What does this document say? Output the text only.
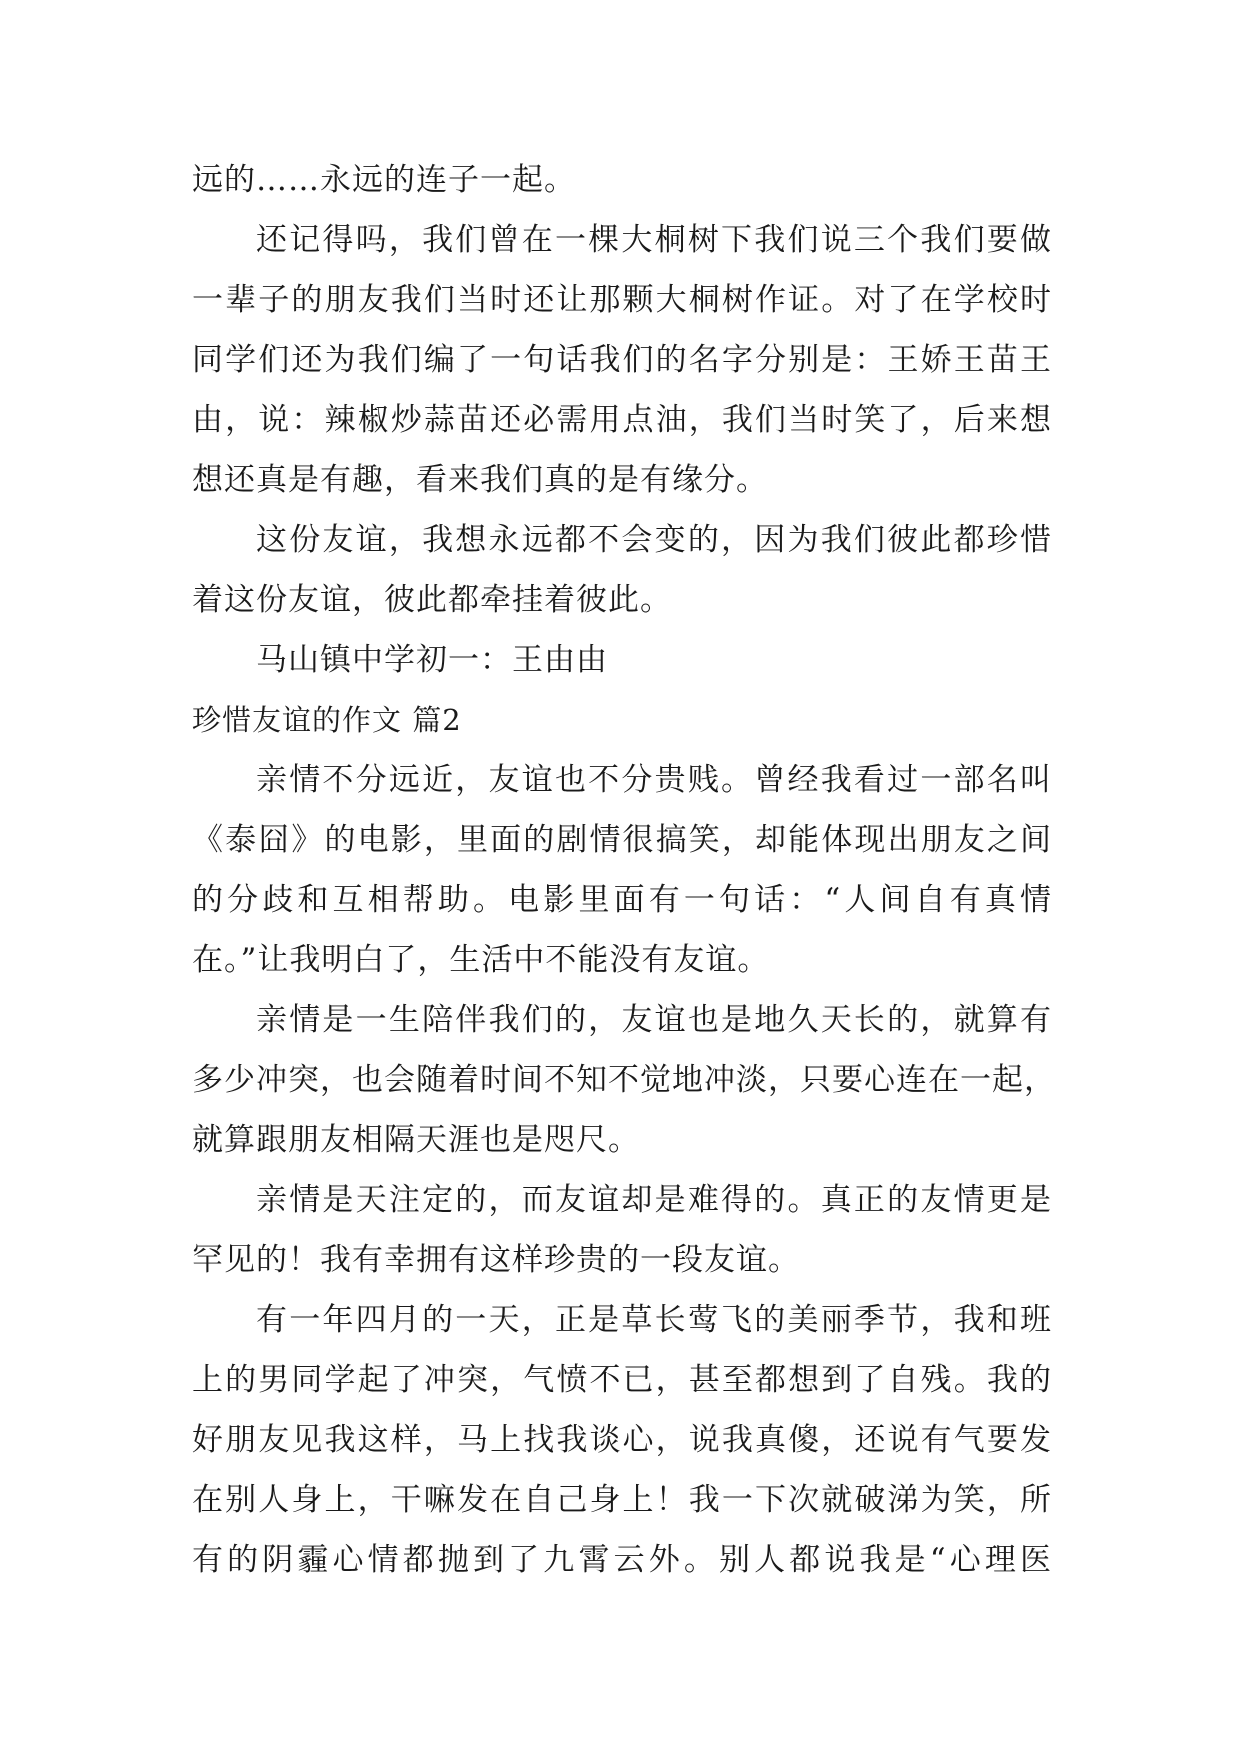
远的……永远的连子一起。
还记得吗，我们曾在一棵大桐树下我们说三个我们要做
一辈子的朋友我们当时还让那颗大桐树作证。对了在学校时
同学们还为我们编了一句话我们的名字分别是：王娇王苗王
由，说：辣椒炒蒜苗还必需用点油，我们当时笑了，后来想
想还真是有趣，看来我们真的是有缘分。
这份友谊，我想永远都不会变的，因为我们彼此都珍惜
着这份友谊，彼此都牵挂着彼此。
马山镇中学初一：王由由
珍惜友谊的作文 篇2
亲情不分远近，友谊也不分贵贱。曾经我看过一部名叫
《泰囧》的电影，里面的剧情很搞笑，却能体现出朋友之间
的分歧和互相帮助。电影里面有一句话：“人间自有真情
在。”让我明白了，生活中不能没有友谊。
亲情是一生陪伴我们的，友谊也是地久天长的，就算有
多少冲突，也会随着时间不知不觉地冲淡，只要心连在一起，
就算跟朋友相隔天涯也是咫尺。
亲情是天注定的，而友谊却是难得的。真正的友情更是
罕见的！我有幸拥有这样珍贵的一段友谊。
有一年四月的一天，正是草长莺飞的美丽季节，我和班
上的男同学起了冲突，气愤不已，甚至都想到了自残。我的
好朋友见我这样，马上找我谈心，说我真傻，还说有气要发
在别人身上，干嘛发在自己身上！我一下次就破涕为笑，所
有的阴霾心情都抛到了九霄云外。别人都说我是“心理医
